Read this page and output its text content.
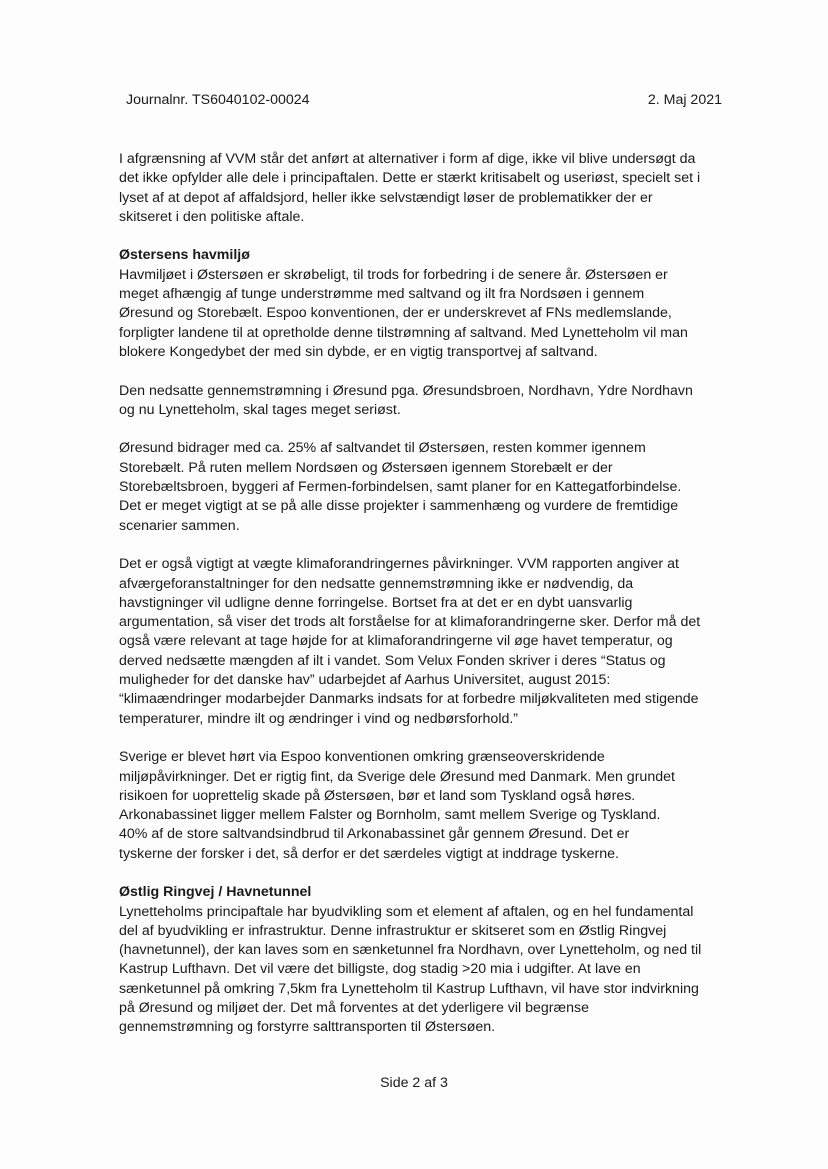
Journalnr. TS6040102-00024	2. Maj 2021
I afgrænsning af VVM står det anført at alternativer i form af dige, ikke vil blive undersøgt da
det ikke opfylder alle dele i principaftalen. Dette er stærkt kritisabelt og useriøst, specielt set i
lyset af at depot af affaldsjord, heller ikke selvstændigt løser de problematikker der er
skitseret i den politiske aftale.
Østersens havmiljø
Havmiljøet i Østersøen er skrøbeligt, til trods for forbedring i de senere år. Østersøen er
meget afhængig af tunge understrømme med saltvand og ilt fra Nordsøen i gennem
Øresund og Storebælt. Espoo konventionen, der er underskrevet af FNs medlemslande,
forpligter landene til at opretholde denne tilstrømning af saltvand. Med Lynetteholm vil man
blokere Kongedybet der med sin dybde, er en vigtig transportvej af saltvand.
Den nedsatte gennemstrømning i Øresund pga. Øresundsbroen, Nordhavn, Ydre Nordhavn
og nu Lynetteholm, skal tages meget seriøst.
Øresund bidrager med ca. 25% af saltvandet til Østersøen, resten kommer igennem
Storebælt. På ruten mellem Nordsøen og Østersøen igennem Storebælt er der
Storebæltsbroen, byggeri af Fermen-forbindelsen, samt planer for en Kattegatforbindelse.
Det er meget vigtigt at se på alle disse projekter i sammenhæng og vurdere de fremtidige
scenarier sammen.
Det er også vigtigt at vægte klimaforandringernes påvirkninger. VVM rapporten angiver at
afværgeforanstaltninger for den nedsatte gennemstrømning ikke er nødvendig, da
havstigninger vil udligne denne forringelse. Bortset fra at det er en dybt uansvarlig
argumentation, så viser det trods alt forståelse for at klimaforandringerne sker. Derfor må det
også være relevant at tage højde for at klimaforandringerne vil øge havet temperatur, og
derved nedsætte mængden af ilt i vandet. Som Velux Fonden skriver i deres “Status og
muligheder for det danske hav” udarbejdet af Aarhus Universitet, august 2015:
“klimaændringer modarbejder Danmarks indsats for at forbedre miljøkvaliteten med stigende
temperaturer, mindre ilt og ændringer i vind og nedbørsforhold.”
Sverige er blevet hørt via Espoo konventionen omkring grænseoverskridende
miljøpåvirkninger. Det er rigtig fint, da Sverige dele Øresund med Danmark. Men grundet
risikoen for uoprettelig skade på Østersøen, bør et land som Tyskland også høres.
Arkonabassinet ligger mellem Falster og Bornholm, samt mellem Sverige og Tyskland.
40% af de store saltvandsindbrud til Arkonabassinet går gennem Øresund. Det er
tyskerne der forsker i det, så derfor er det særdeles vigtigt at inddrage tyskerne.
Østlig Ringvej / Havnetunnel
Lynetteholms principaftale har byudvikling som et element af aftalen, og en hel fundamental
del af byudvikling er infrastruktur. Denne infrastruktur er skitseret som en Østlig Ringvej
(havnetunnel), der kan laves som en sænketunnel fra Nordhavn, over Lynetteholm, og ned til
Kastrup Lufthavn. Det vil være det billigste, dog stadig >20 mia i udgifter. At lave en
sænketunnel på omkring 7,5km fra Lynetteholm til Kastrup Lufthavn, vil have stor indvirkning
på Øresund og miljøet der. Det må forventes at det yderligere vil begrænse
gennemstrømning og forstyrre salttransporten til Østersøen.
Side 2 af 3
